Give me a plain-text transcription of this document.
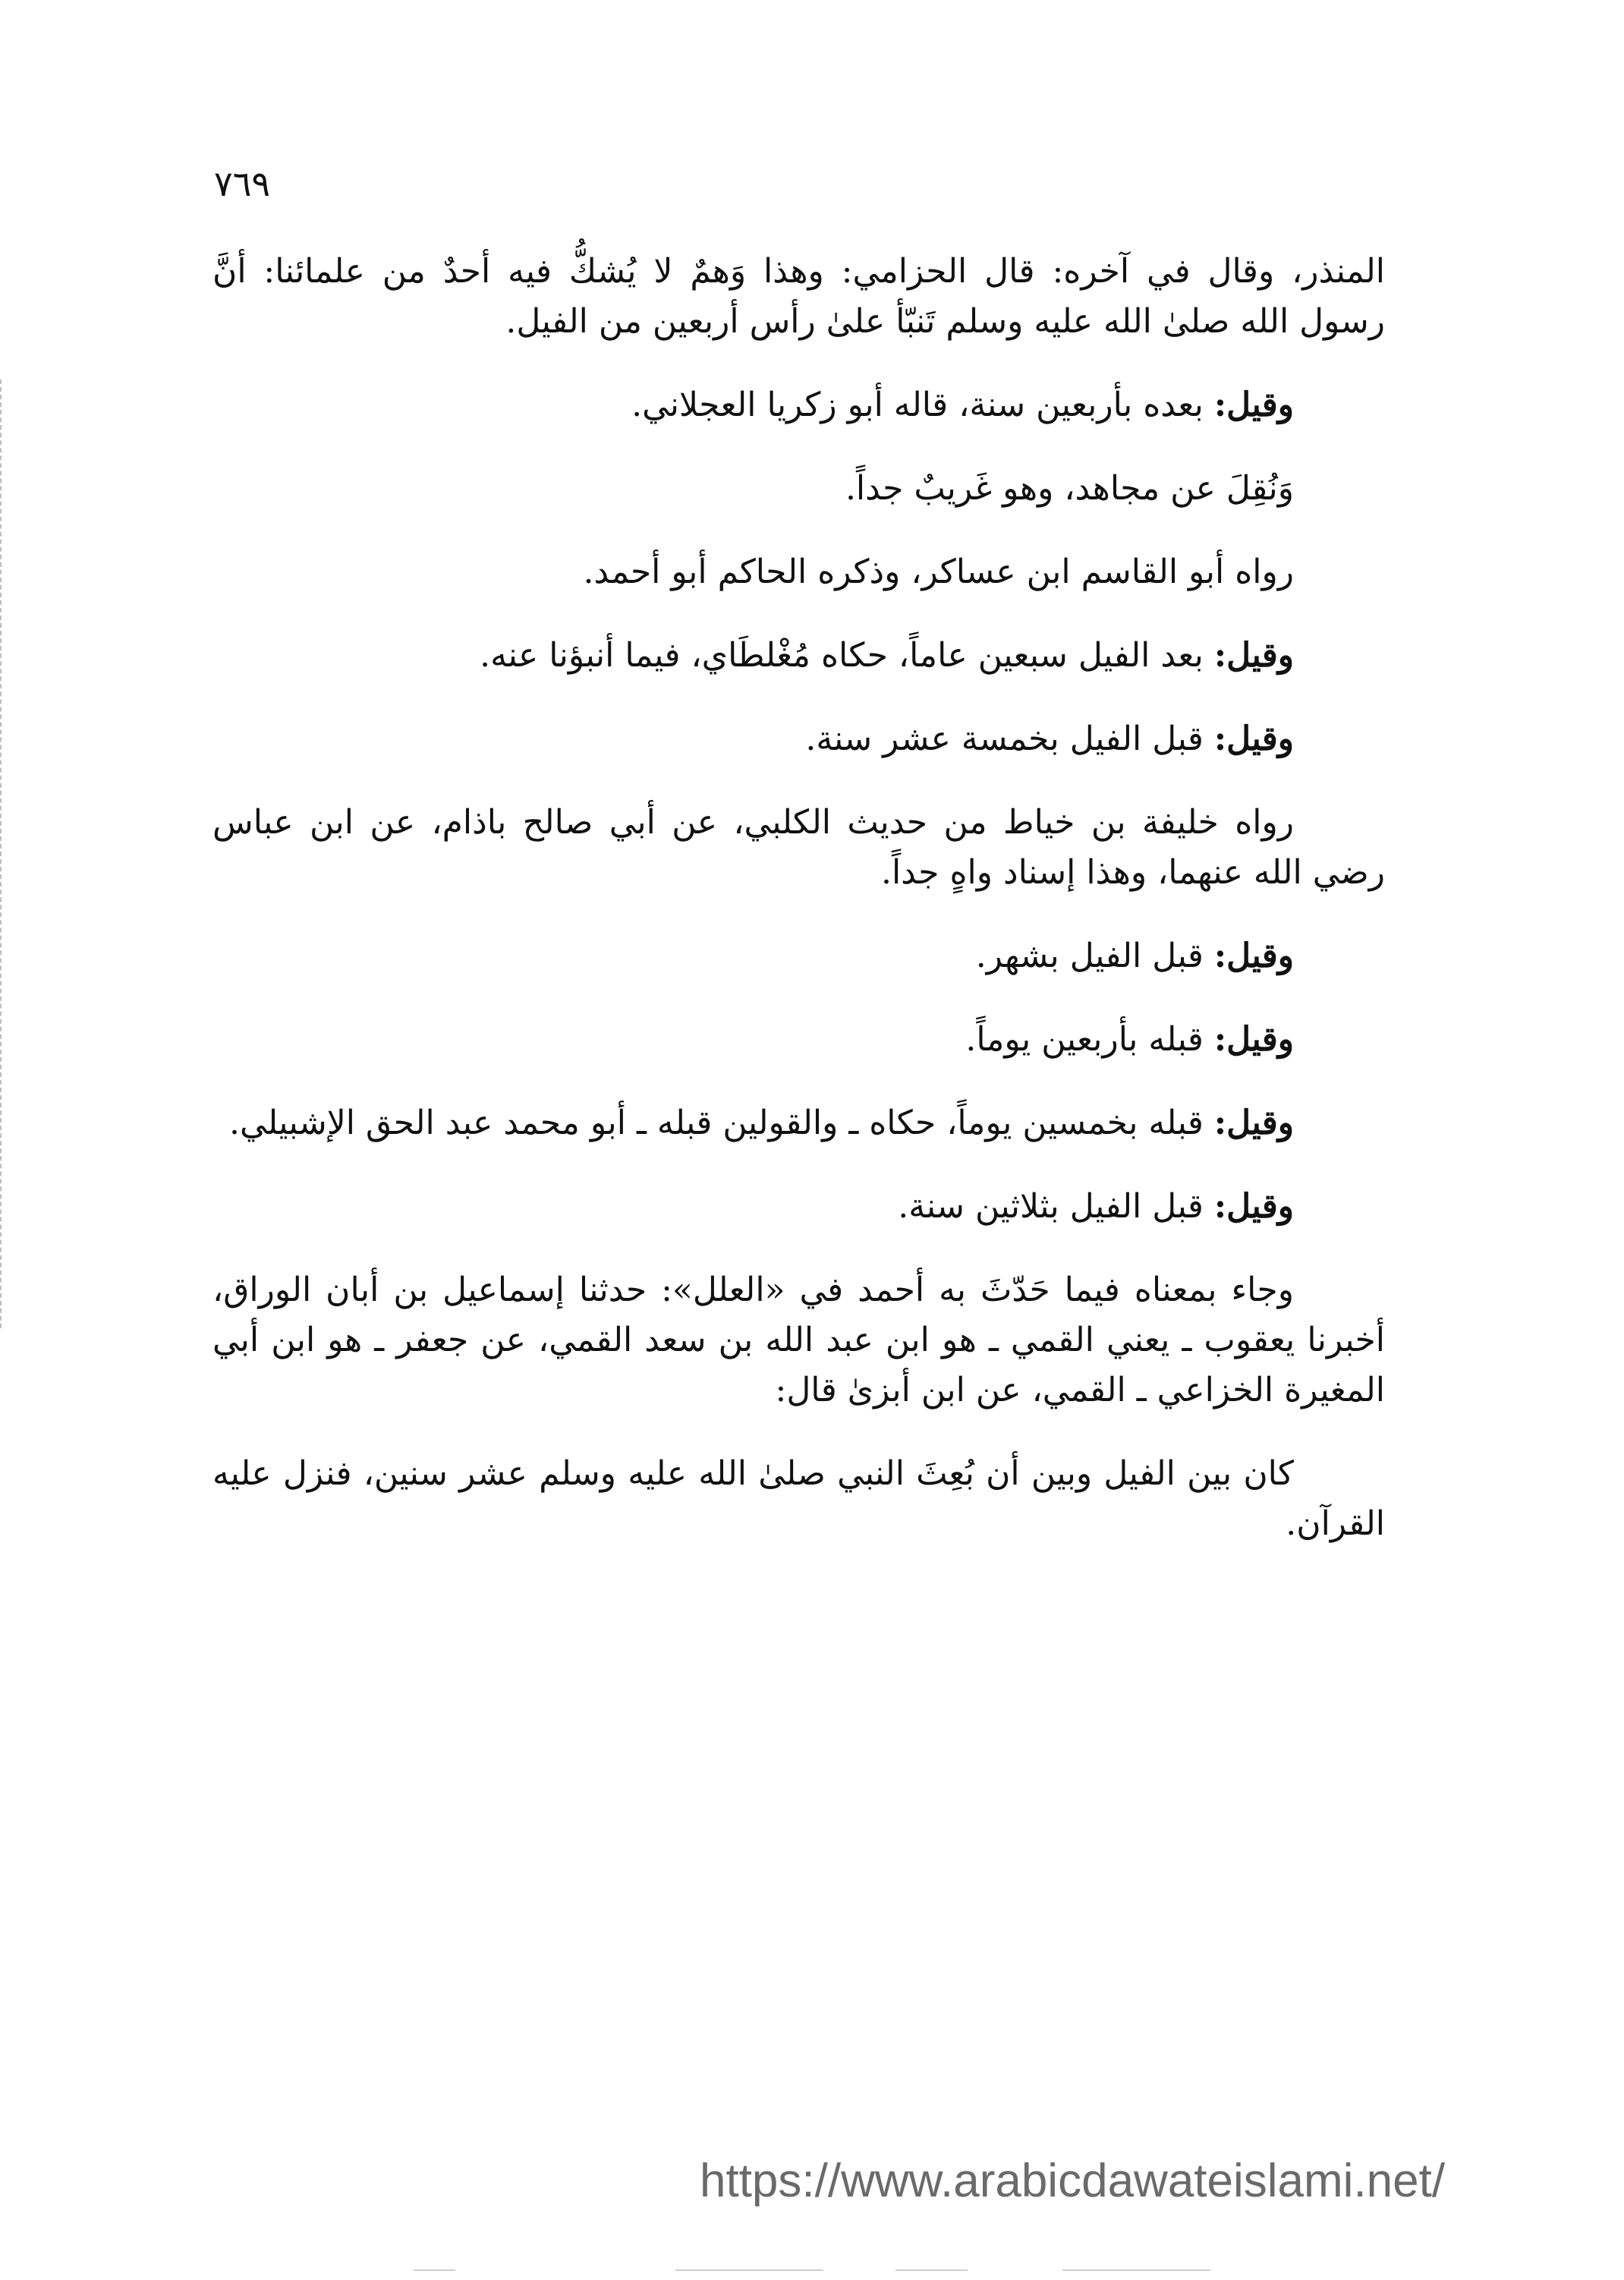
٧٦٩

المنذر، وقال في آخره: قال الحزامي: وهذا وَهمٌ لا يُشكُّ فيه أحدٌ من علمائنا: أنَّ رسول الله صلىٰ الله عليه وسلم تَنبّأ علىٰ رأس أربعين من الفيل.

وقيل: بعده بأربعين سنة، قاله أبو زكريا العجلاني.

وَنُقِلَ عن مجاهد، وهو غَريبٌ جداً.

رواه أبو القاسم ابن عساكر، وذكره الحاكم أبو أحمد.

وقيل: بعد الفيل سبعين عاماً، حكاه مُغْلطَاي، فيما أنبؤنا عنه.

وقيل: قبل الفيل بخمسة عشر سنة.

رواه خليفة بن خياط من حديث الكلبي، عن أبي صالح باذام، عن ابن عباس رضي الله عنهما، وهذا إسناد واهٍ جداً.

وقيل: قبل الفيل بشهر.

وقيل: قبله بأربعين يوماً.

وقيل: قبله بخمسين يوماً، حكاه ـ والقولين قبله ـ أبو محمد عبد الحق الإشبيلي.

وقيل: قبل الفيل بثلاثين سنة.

وجاء بمعناه فيما حَدّثَ به أحمد في «العلل»: حدثنا إسماعيل بن أبان الوراق، أخبرنا يعقوب ـ يعني القمي ـ هو ابن عبد الله بن سعد القمي، عن جعفر ـ هو ابن أبي المغيرة الخزاعي ـ القمي، عن ابن أبزىٰ قال:

كان بين الفيل وبين أن بُعِثَ النبي صلىٰ الله عليه وسلم عشر سنين، فنزل عليه القرآن.

https://www.arabicdawateislami.net/
